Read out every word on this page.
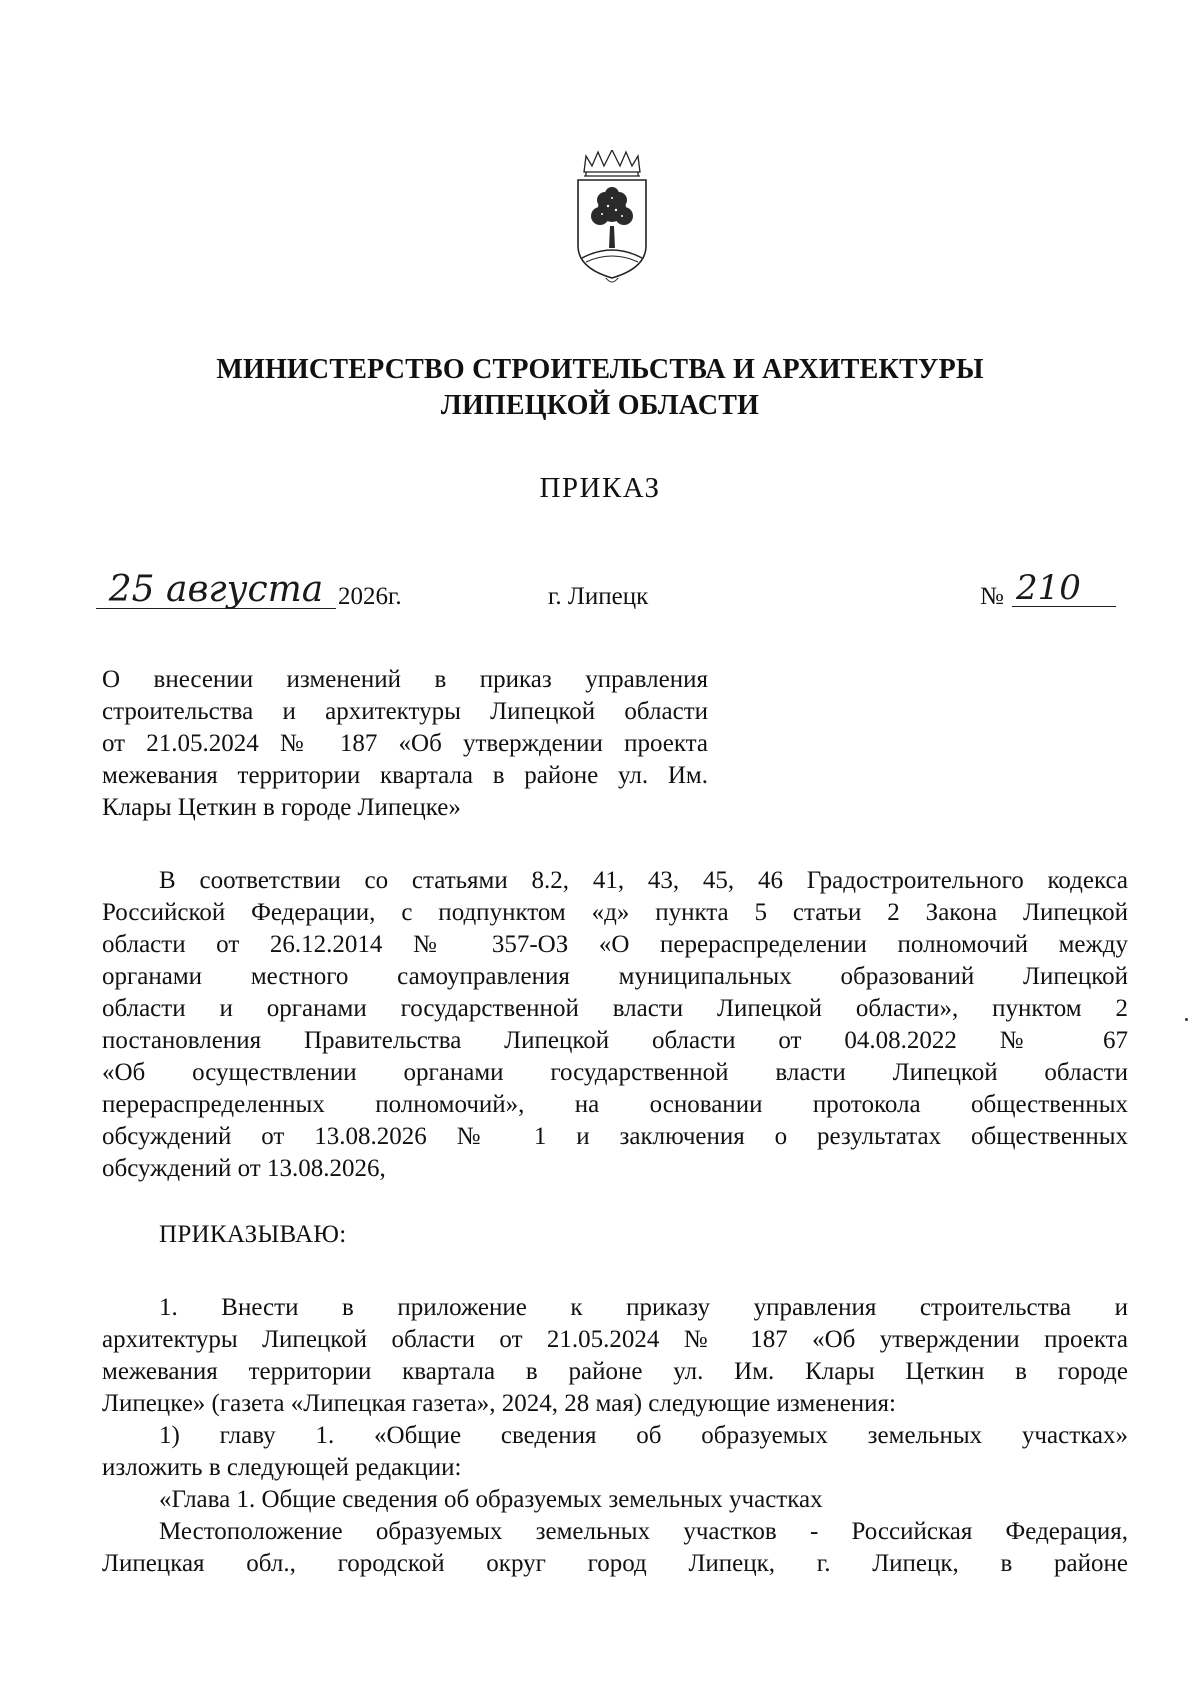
МИНИСТЕРСТВО СТРОИТЕЛЬСТВА И АРХИТЕКТУРЫ
ЛИПЕЦКОЙ ОБЛАСТИ
ПРИКАЗ
25 августа 2026г.	г. Липецк	№ 210
О внесении изменений в приказ управления
строительства и архитектуры Липецкой области
от 21.05.2024 № 187 «Об утверждении проекта
межевания территории квартала в районе ул. Им.
Клары Цеткин в городе Липецке»
В соответствии со статьями 8.2, 41, 43, 45, 46 Градостроительного кодекса
Российской Федерации, с подпунктом «д» пункта 5 статьи 2 Закона Липецкой
области от 26.12.2014 № 357-ОЗ «О перераспределении полномочий между
органами местного самоуправления муниципальных образований Липецкой
области и органами государственной власти Липецкой области», пунктом 2
постановления Правительства Липецкой области от 04.08.2022 № 67
«Об осуществлении органами государственной власти Липецкой области
перераспределенных полномочий», на основании протокола общественных
обсуждений от 13.08.2026 № 1 и заключения о результатах общественных
обсуждений от 13.08.2026,
ПРИКАЗЫВАЮ:
1. Внести в приложение к приказу управления строительства и
архитектуры Липецкой области от 21.05.2024 № 187 «Об утверждении проекта
межевания территории квартала в районе ул. Им. Клары Цеткин в городе
Липецке» (газета «Липецкая газета», 2024, 28 мая) следующие изменения:
1) главу 1. «Общие сведения об образуемых земельных участках»
изложить в следующей редакции:
«Глава 1. Общие сведения об образуемых земельных участках
Местоположение образуемых земельных участков - Российская Федерация,
Липецкая обл., городской округ город Липецк, г. Липецк, в районе
